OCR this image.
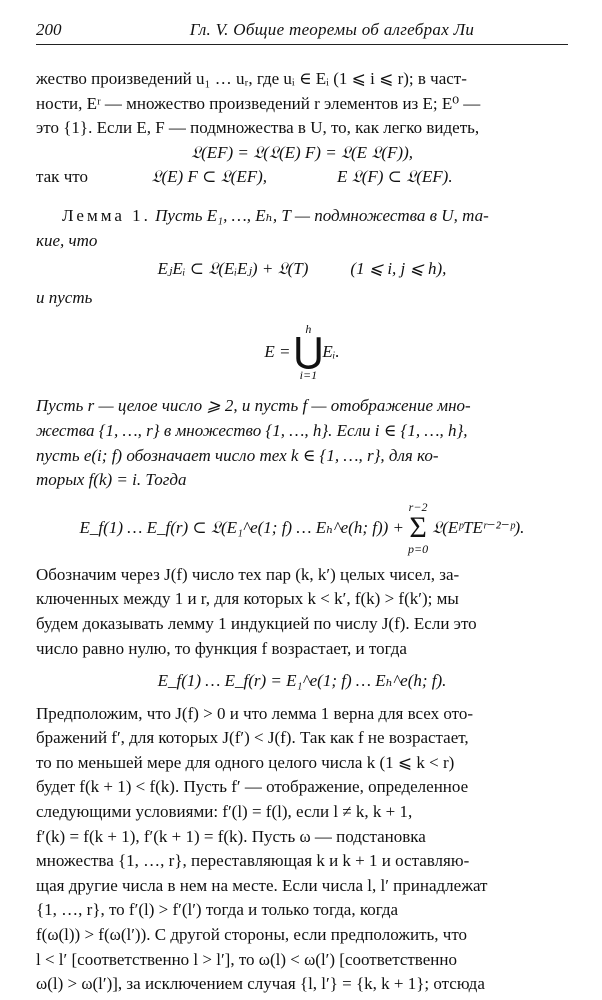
200	Гл. V. Общие теоремы об алгебрах Ли

жество произведений u₁ … uᵣ, где uᵢ ∈ Eᵢ (1 ⩽ i ⩽ r); в част-

ности, Eʳ — множество произведений r элементов из E; E⁰ —

это {1}. Если E, F — подмножества в U, то, как легко видеть,

𝔏(EF) = 𝔏(𝔏(E) F) = 𝔏(E 𝔏(F)),

так что	𝔏(E) F ⊂ 𝔏(EF),	E 𝔏(F) ⊂ 𝔏(EF).

Лемма 1. Пусть E₁, …, Eₕ, T — подмножества в U, та-

кие, что

EⱼEᵢ ⊂ 𝔏(EᵢEⱼ) + 𝔏(T) (1 ⩽ i, j ⩽ h),

и пусть

E =
h
⋃
i=1
Eᵢ.

Пусть r — целое число ⩾ 2, и пусть f — отображение мно-

жества {1, …, r} в множество {1, …, h}. Если i ∈ {1, …, h},

пусть e(i; f) обозначает число тех k ∈ {1, …, r}, для ко-

торых f(k) = i. Тогда

E_f(1) … E_f(r) ⊂ 𝔏(E₁^e(1; f) … Eₕ^e(h; f)) +
r−2
Σ
p=0
𝔏(EᵖTEʳ⁻²⁻ᵖ).

Обозначим через J(f) число тех пар (k, k′) целых чисел, за-

ключенных между 1 и r, для которых k < k′, f(k) > f(k′); мы

будем доказывать лемму 1 индукцией по числу J(f). Если это

число равно нулю, то функция f возрастает, и тогда

E_f(1) … E_f(r) = E₁^e(1; f) … Eₕ^e(h; f).

Предположим, что J(f) > 0 и что лемма 1 верна для всех ото-

бражений f′, для которых J(f′) < J(f). Так как f не возрастает,

то по меньшей мере для одного целого числа k (1 ⩽ k < r)

будет f(k + 1) < f(k). Пусть f′ — отображение, определенное

следующими условиями: f′(l) = f(l), если l ≠ k, k + 1,

f′(k) = f(k + 1), f′(k + 1) = f(k). Пусть ω — подстановка

множества {1, …, r}, переставляющая k и k + 1 и оставляю-

щая другие числа в нем на месте. Если числа l, l′ принадлежат

{1, …, r}, то f′(l) > f′(l′) тогда и только тогда, когда

f(ω(l)) > f(ω(l′)). С другой стороны, если предположить, что

l < l′ [соответственно l > l′], то ω(l) < ω(l′) [соответственно

ω(l) > ω(l′)], за исключением случая {l, l′} = {k, k + 1}; отсюда
